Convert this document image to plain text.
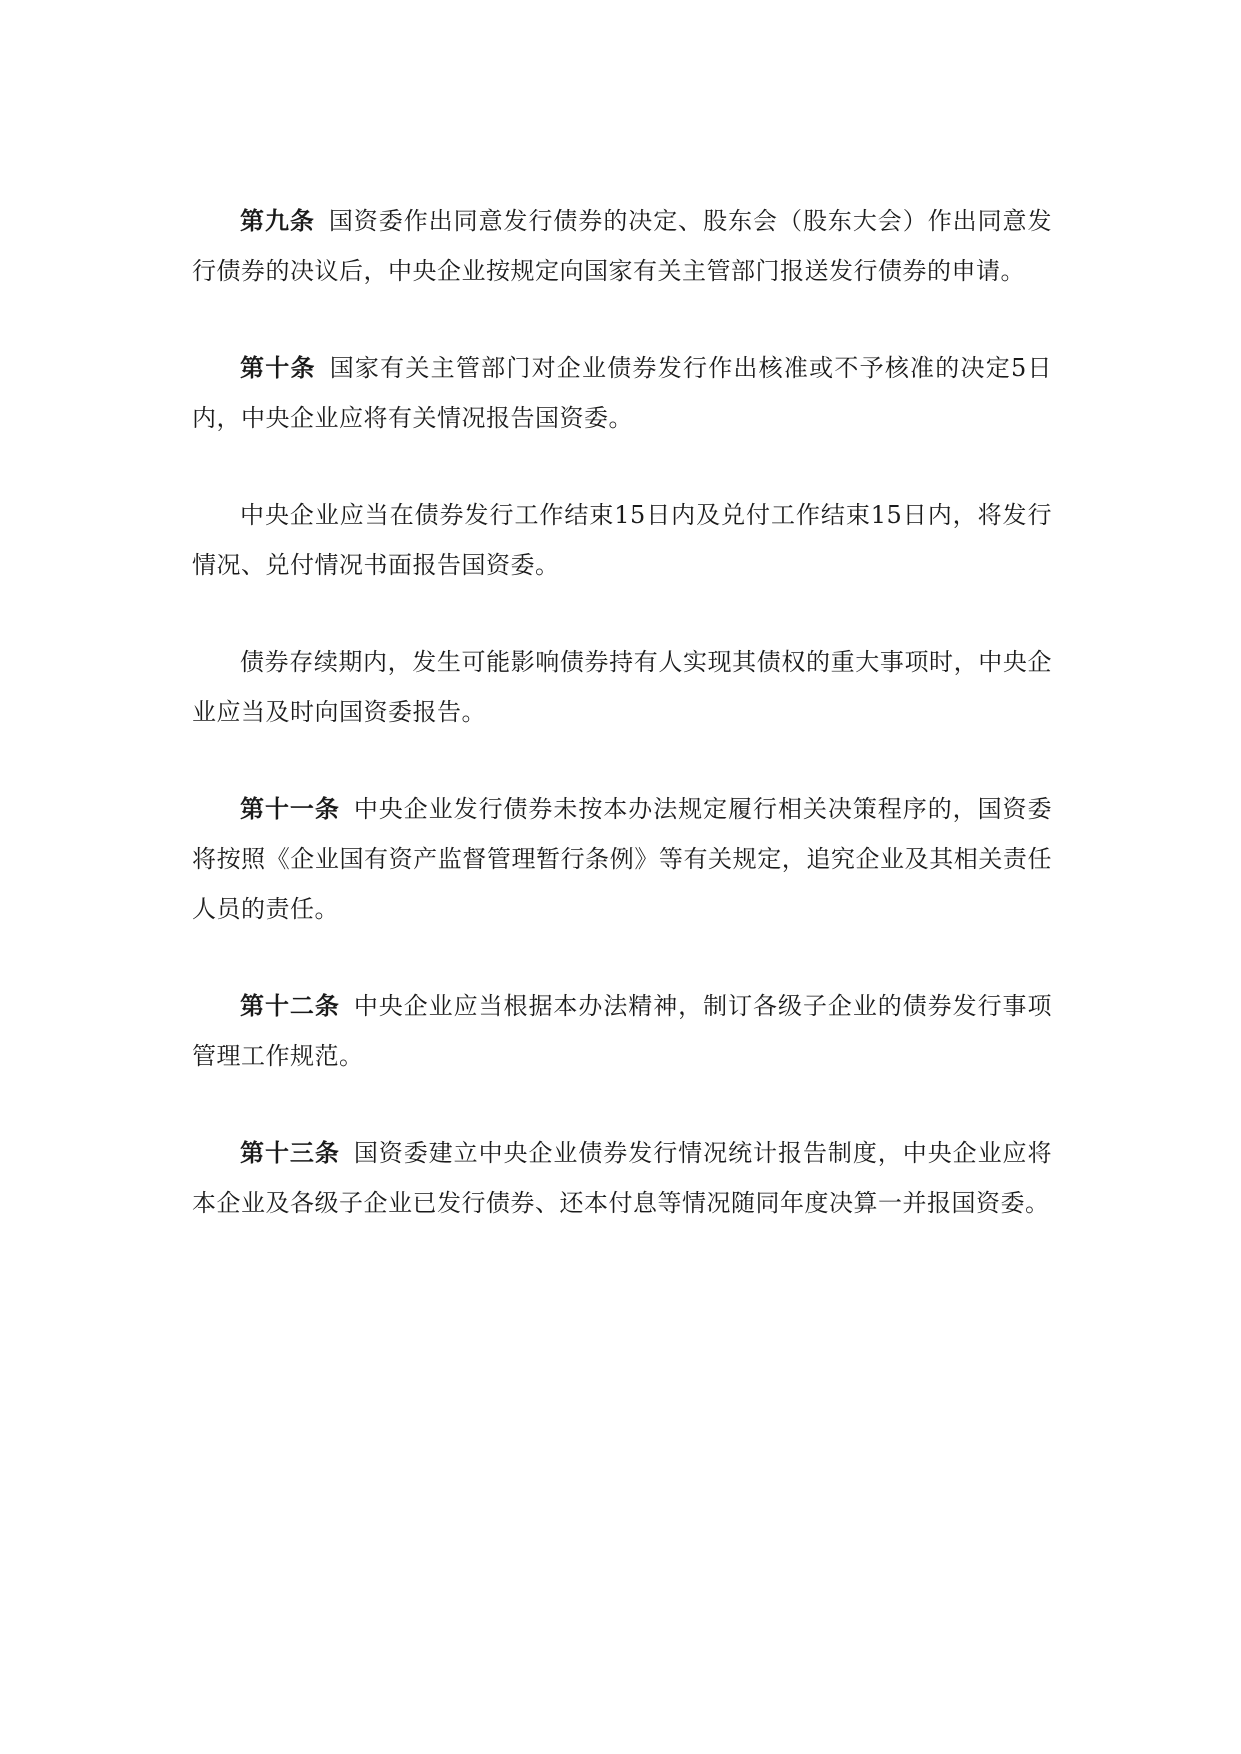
第九条 国资委作出同意发行债券的决定、股东会（股东大会）作出同意发行债券的决议后，中央企业按规定向国家有关主管部门报送发行债券的申请。

第十条 国家有关主管部门对企业债券发行作出核准或不予核准的决定5日内，中央企业应将有关情况报告国资委。

中央企业应当在债券发行工作结束15日内及兑付工作结束15日内，将发行情况、兑付情况书面报告国资委。

债券存续期内，发生可能影响债券持有人实现其债权的重大事项时，中央企业应当及时向国资委报告。

第十一条 中央企业发行债券未按本办法规定履行相关决策程序的，国资委将按照《企业国有资产监督管理暂行条例》等有关规定，追究企业及其相关责任人员的责任。

第十二条 中央企业应当根据本办法精神，制订各级子企业的债券发行事项管理工作规范。

第十三条 国资委建立中央企业债券发行情况统计报告制度，中央企业应将本企业及各级子企业已发行债券、还本付息等情况随同年度决算一并报国资委。
